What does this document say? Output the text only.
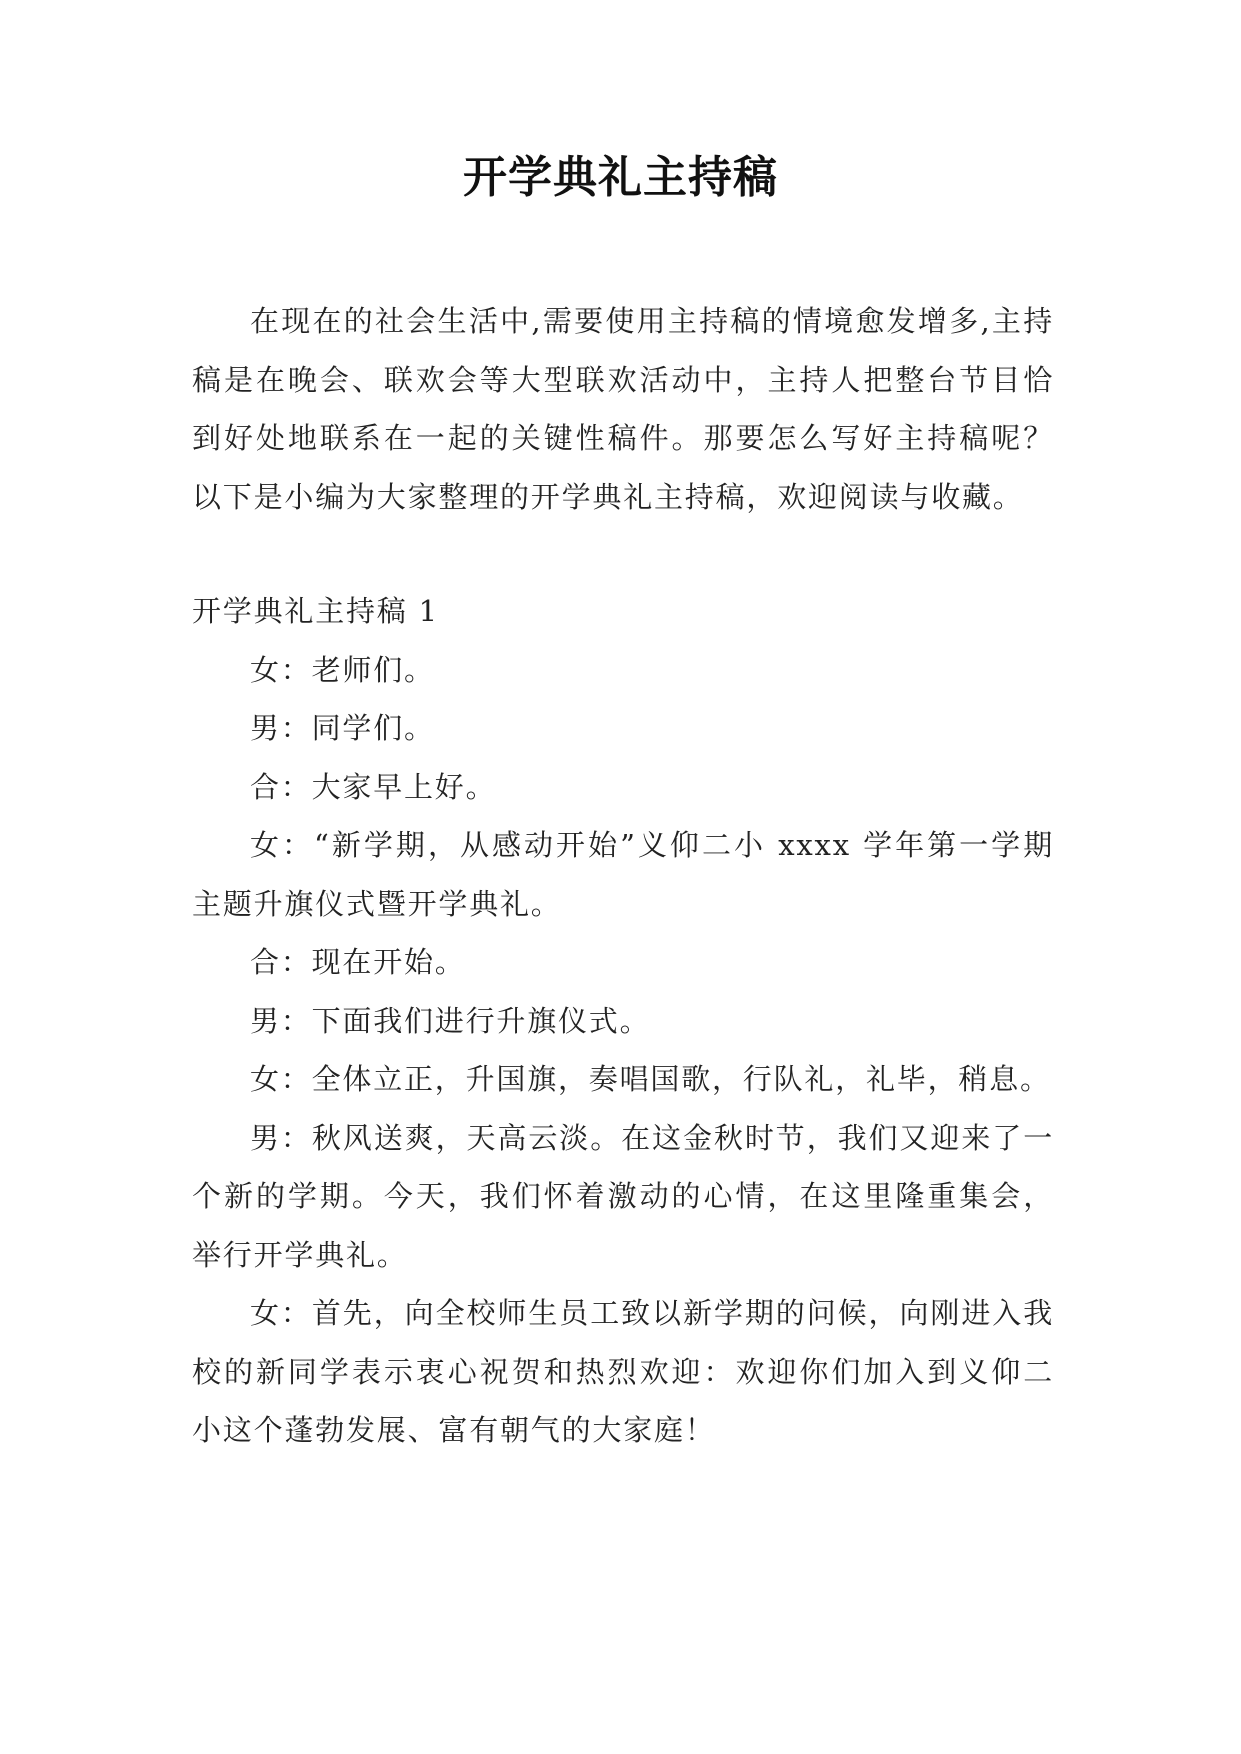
开学典礼主持稿

在现在的社会生活中,需要使用主持稿的情境愈发增多,主持稿是在晚会、联欢会等大型联欢活动中，主持人把整台节目恰到好处地联系在一起的关键性稿件。那要怎么写好主持稿呢？以下是小编为大家整理的开学典礼主持稿，欢迎阅读与收藏。

开学典礼主持稿 1

女：老师们。

男：同学们。

合：大家早上好。

女：“新学期，从感动开始”义仰二小 xxxx 学年第一学期主题升旗仪式暨开学典礼。

合：现在开始。

男：下面我们进行升旗仪式。

女：全体立正，升国旗，奏唱国歌，行队礼，礼毕，稍息。

男：秋风送爽，天高云淡。在这金秋时节，我们又迎来了一个新的学期。今天，我们怀着激动的心情，在这里隆重集会，举行开学典礼。

女：首先，向全校师生员工致以新学期的问候，向刚进入我校的新同学表示衷心祝贺和热烈欢迎：欢迎你们加入到义仰二小这个蓬勃发展、富有朝气的大家庭！
